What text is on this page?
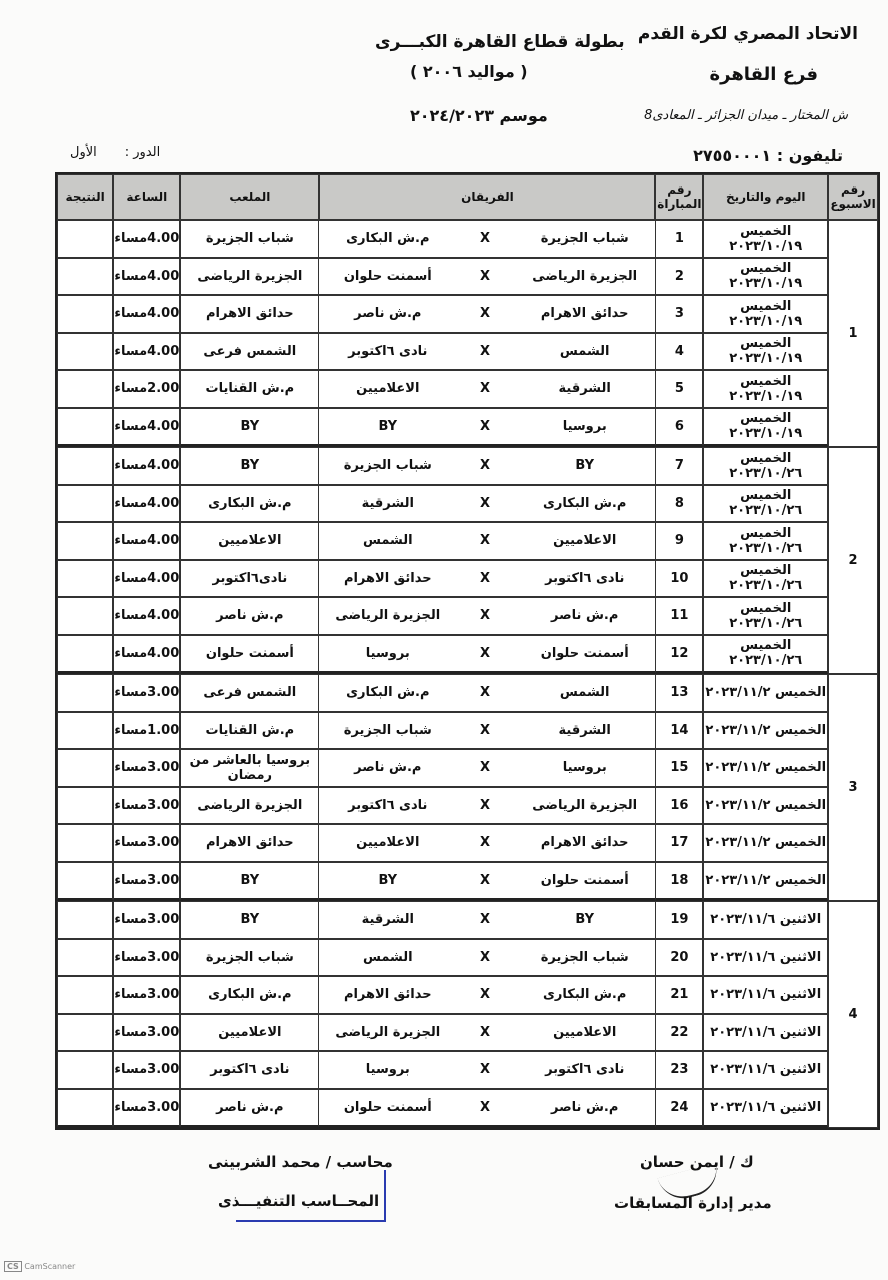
الاتحاد المصري لكرة القدم
فرع القاهرة
8ش المختار ـ ميدان الجزائر ـ المعادى
تليفون : ٢٧٥٥٠٠٠١
بطولة قطاع القاهرة الكبـــرى
( مواليد ٢٠٠٦ )
موسم ٢٠٢٤/٢٠٢٣
الدور :الأول
رقم الاسبوع	اليوم والتاريخ	رقم المباراة	الفريقان			الملعب	الساعة	النتيجة
1	الخميس ٢٠٢٣/١٠/١٩	1	شباب الجزيرة	X	م.ش البكارى	شباب الجزيرة	4.00مساء	
	الخميس ٢٠٢٣/١٠/١٩	2	الجزيرة الرياضى	X	أسمنت حلوان	الجزيرة الرياضى	4.00مساء	
	الخميس ٢٠٢٣/١٠/١٩	3	حدائق الاهرام	X	م.ش ناصر	حدائق الاهرام	4.00مساء	
	الخميس ٢٠٢٣/١٠/١٩	4	الشمس	X	نادى ٦اكتوبر	الشمس فرعى	4.00مساء	
	الخميس ٢٠٢٣/١٠/١٩	5	الشرقية	X	الاعلاميين	م.ش القنايات	2.00مساء	
	الخميس ٢٠٢٣/١٠/١٩	6	بروسيا	X	BY	BY	4.00مساء	
2	الخميس ٢٠٢٣/١٠/٢٦	7	BY	X	شباب الجزيرة	BY	4.00مساء	
	الخميس ٢٠٢٣/١٠/٢٦	8	م.ش البكارى	X	الشرقية	م.ش البكارى	4.00مساء	
	الخميس ٢٠٢٣/١٠/٢٦	9	الاعلاميين	X	الشمس	الاعلاميين	4.00مساء	
	الخميس ٢٠٢٣/١٠/٢٦	10	نادى ٦اكتوبر	X	حدائق الاهرام	نادى٦اكتوبر	4.00مساء	
	الخميس ٢٠٢٣/١٠/٢٦	11	م.ش ناصر	X	الجزيرة الرياضى	م.ش ناصر	4.00مساء	
	الخميس ٢٠٢٣/١٠/٢٦	12	أسمنت حلوان	X	بروسيا	أسمنت حلوان	4.00مساء	
3	الخميس ٢٠٢٣/١١/٢	13	الشمس	X	م.ش البكارى	الشمس فرعى	3.00مساء	
	الخميس ٢٠٢٣/١١/٢	14	الشرقية	X	شباب الجزيرة	م.ش القنايات	1.00مساء	
	الخميس ٢٠٢٣/١١/٢	15	بروسيا	X	م.ش ناصر	بروسيا بالعاشر من رمضان	3.00مساء	
	الخميس ٢٠٢٣/١١/٢	16	الجزيرة الرياضى	X	نادى ٦اكتوبر	الجزيرة الرياضى	3.00مساء	
	الخميس ٢٠٢٣/١١/٢	17	حدائق الاهرام	X	الاعلاميين	حدائق الاهرام	3.00مساء	
	الخميس ٢٠٢٣/١١/٢	18	أسمنت حلوان	X	BY	BY	3.00مساء	
4	الاثنين ٢٠٢٣/١١/٦	19	BY	X	الشرقية	BY	3.00مساء	
	الاثنين ٢٠٢٣/١١/٦	20	شباب الجزيرة	X	الشمس	شباب الجزيرة	3.00مساء	
	الاثنين ٢٠٢٣/١١/٦	21	م.ش البكارى	X	حدائق الاهرام	م.ش البكارى	3.00مساء	
	الاثنين ٢٠٢٣/١١/٦	22	الاعلاميين	X	الجزيرة الرياضى	الاعلاميين	3.00مساء	
	الاثنين ٢٠٢٣/١١/٦	23	نادى ٦اكتوبر	X	بروسيا	نادى ٦اكتوبر	3.00مساء	
	الاثنين ٢٠٢٣/١١/٦	24	م.ش ناصر	X	أسمنت حلوان	م.ش ناصر	3.00مساء	
ك / ايمن حسان
مدير إدارة المسابقات
محاسب / محمد الشربينى
المحــاسب التنفيـــذى
CS CamScanner
